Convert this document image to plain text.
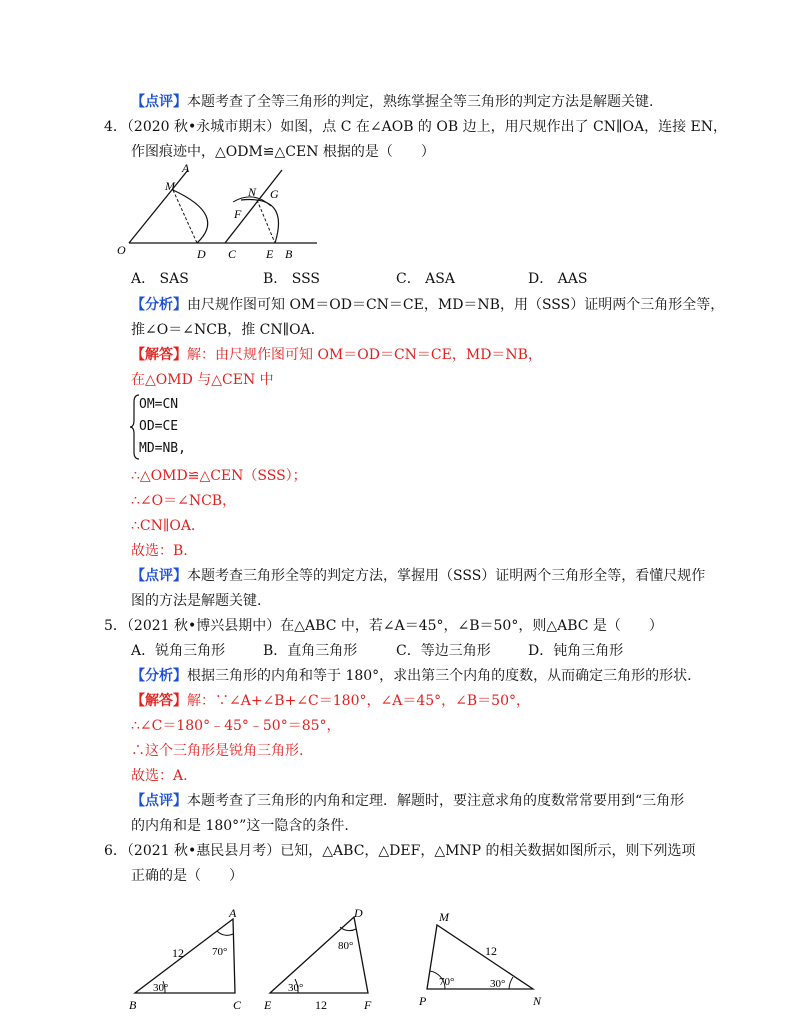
【点评】本题考查了全等三角形的判定，熟练掌握全等三角形的判定方法是解题关键.
4．（2020 秋•永城市期末）如图，点 C 在∠AOB 的 OB 边上，用尺规作出了 CN∥OA，连接 EN，
作图痕迹中，△ODM≌△CEN 根据的是（　　）
A
M
O	D
N G
F
C E B
A． SAS	B． SSS	C． ASA	D． AAS
【分析】由尺规作图可知 OM＝OD＝CN＝CE，MD＝NB，用（SSS）证明两个三角形全等，
推∠O＝∠NCB，推 CN∥OA.
【解答】解：由尺规作图可知 OM＝OD＝CN＝CE，MD＝NB，
在△OMD 与△CEN 中
OM=CN
OD=CE
MD=NB,
∴△OMD≌△CEN（SSS）；
∴∠O＝∠NCB，
∴CN∥OA.
故选：B.
【点评】本题考查三角形全等的判定方法，掌握用（SSS）证明两个三角形全等，看懂尺规作
图的方法是解题关键.
5．（2021 秋•博兴县期中）在△ABC 中，若∠A＝45°，∠B＝50°，则△ABC 是（　　）
A．锐角三角形	B．直角三角形	C．等边三角形	D．钝角三角形
【分析】根据三角形的内角和等于 180°，求出第三个内角的度数，从而确定三角形的形状.
【解答】解：∵∠A+∠B+∠C＝180°，∠A＝45°，∠B＝50°，
∴∠C＝180°﹣45°﹣50°＝85°，
∴这个三角形是锐角三角形.
故选：A.
【点评】本题考查了三角形的内角和定理．解题时，要注意求角的度数常常要用到“三角形
的内角和是 180°”这一隐含的条件.
6．（2021 秋•惠民县月考）已知，△ABC，△DEF，△MNP 的相关数据如图所示，则下列选项
正确的是（　　）
A
B	C
12	70°
30°
D
E	F
12
80°
30°
M
P	N
12
70°	30°
